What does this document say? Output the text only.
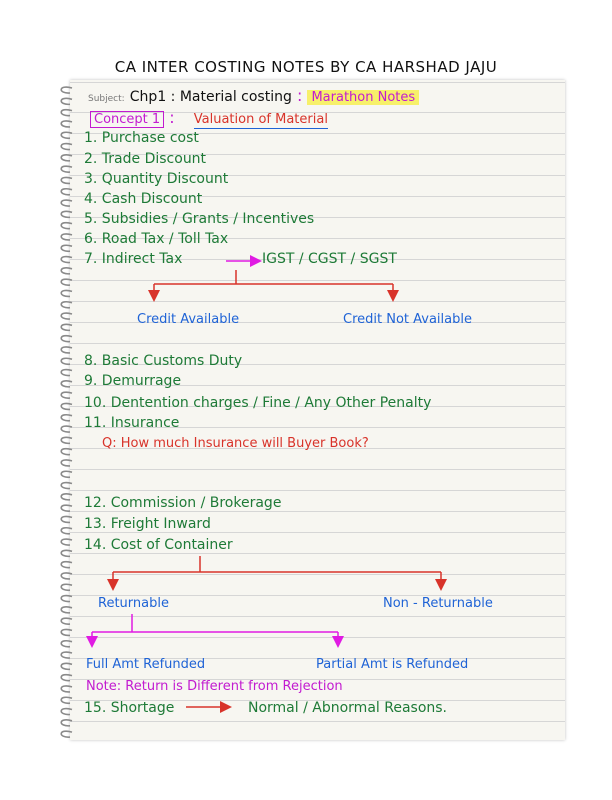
CA INTER COSTING NOTES BY CA HARSHAD JAJU
Subject: Chp1 : Material costing : Marathon Notes
Concept 1 : Valuation of Material
1. Purchase cost
2. Trade Discount
3. Quantity Discount
4. Cash Discount
5. Subsidies / Grants / Incentives
6. Road Tax / Toll Tax
7. Indirect Tax	IGST / CGST / SGST
Credit Available	Credit Not Available
8. Basic Customs Duty
9. Demurrage
10. Dentention charges / Fine / Any Other Penalty
11. Insurance
Q: How much Insurance will Buyer Book?
12. Commission / Brokerage
13. Freight Inward
14. Cost of Container
Returnable	Non - Returnable
Full Amt Refunded	Partial Amt is Refunded
Note: Return is Different from Rejection
15. Shortage	Normal / Abnormal Reasons.
